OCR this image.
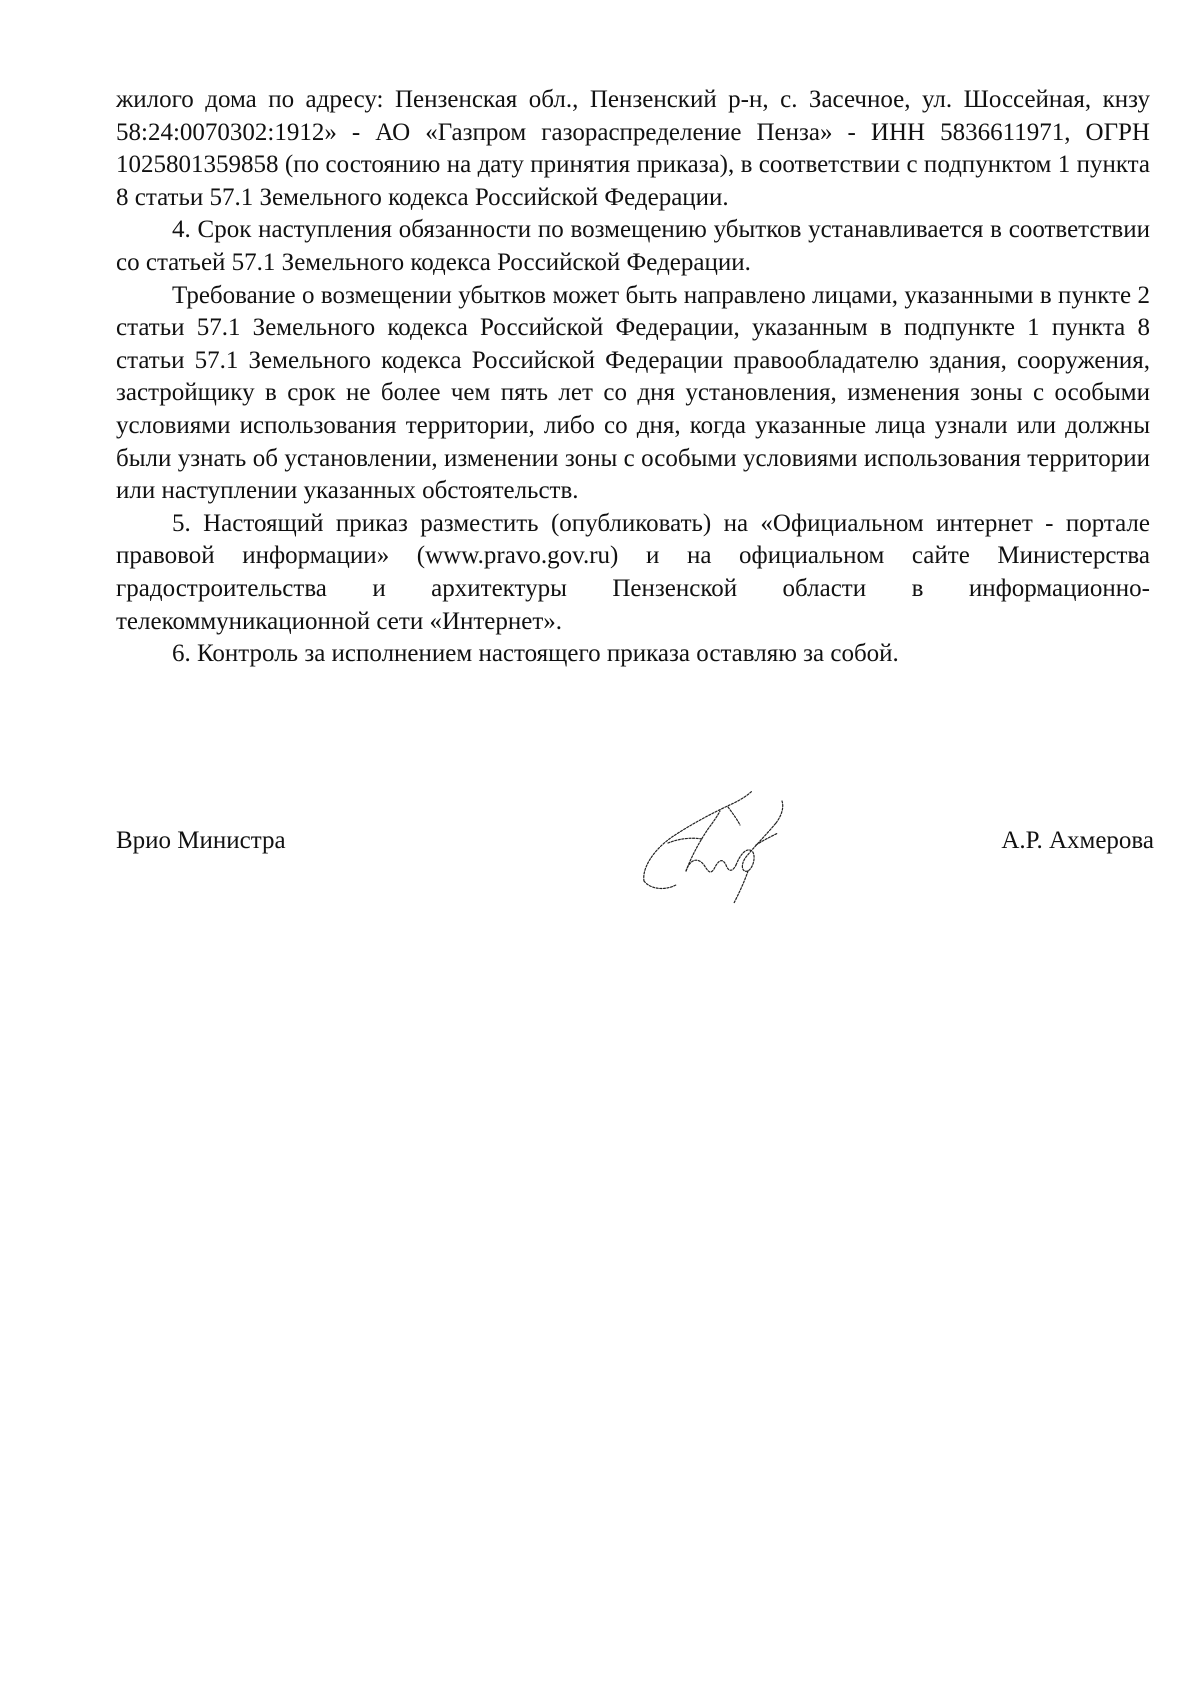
жилого дома по адресу: Пензенская обл., Пензенский р-н, с. Засечное, ул. Шоссейная, кнзу 58:24:0070302:1912» - АО «Газпром газораспределение Пенза» - ИНН 5836611971, ОГРН 1025801359858 (по состоянию на дату принятия приказа), в соответствии с подпунктом 1 пункта 8 статьи 57.1 Земельного кодекса Российской Федерации.

4. Срок наступления обязанности по возмещению убытков устанавливается в соответствии со статьей 57.1 Земельного кодекса Российской Федерации.

Требование о возмещении убытков может быть направлено лицами, указанными в пункте 2 статьи 57.1 Земельного кодекса Российской Федерации, указанным в подпункте 1 пункта 8 статьи 57.1 Земельного кодекса Российской Федерации правообладателю здания, сооружения, застройщику в срок не более чем пять лет со дня установления, изменения зоны с особыми условиями использования территории, либо со дня, когда указанные лица узнали или должны были узнать об установлении, изменении зоны с особыми условиями использования территории или наступлении указанных обстоятельств.

5. Настоящий приказ разместить (опубликовать) на «Официальном интернет - портале правовой информации» (www.pravo.gov.ru) и на официальном сайте Министерства градостроительства и архитектуры Пензенской области в информационно-телекоммуникационной сети «Интернет».

6. Контроль за исполнением настоящего приказа оставляю за собой.

Врио Министра	А.Р. Ахмерова
